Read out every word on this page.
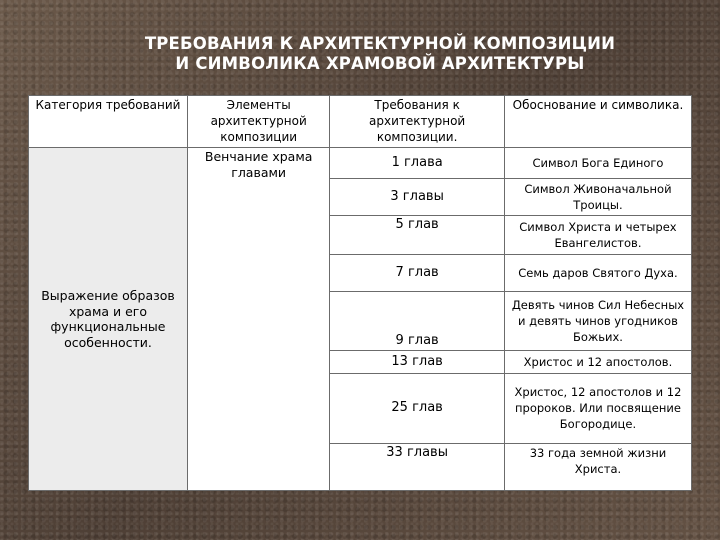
ТРЕБОВАНИЯ К АРХИТЕКТУРНОЙ КОМПОЗИЦИИ
И СИМВОЛИКА ХРАМОВОЙ АРХИТЕКТУРЫ
Категория требований	Элементы архитектурной композиции	Требования к архитектурной композиции.	Обоснование и символика.
Выражение образов храма и его функциональные особенности.	Венчание храма главами	1 глава	Символ Бога Единого
		3 главы	Символ Живоначальной Троицы.
		5 глав	Символ Христа и четырех Евангелистов.
		7 глав	Семь даров Святого Духа.
		9 глав	Девять чинов Сил Небесных и девять чинов угодников Божьих.
		13 глав	Христос и 12 апостолов.
		25 глав	Христос, 12 апостолов и 12 пророков. Или посвящение Богородице.
		33 главы	33 года земной жизни Христа.
